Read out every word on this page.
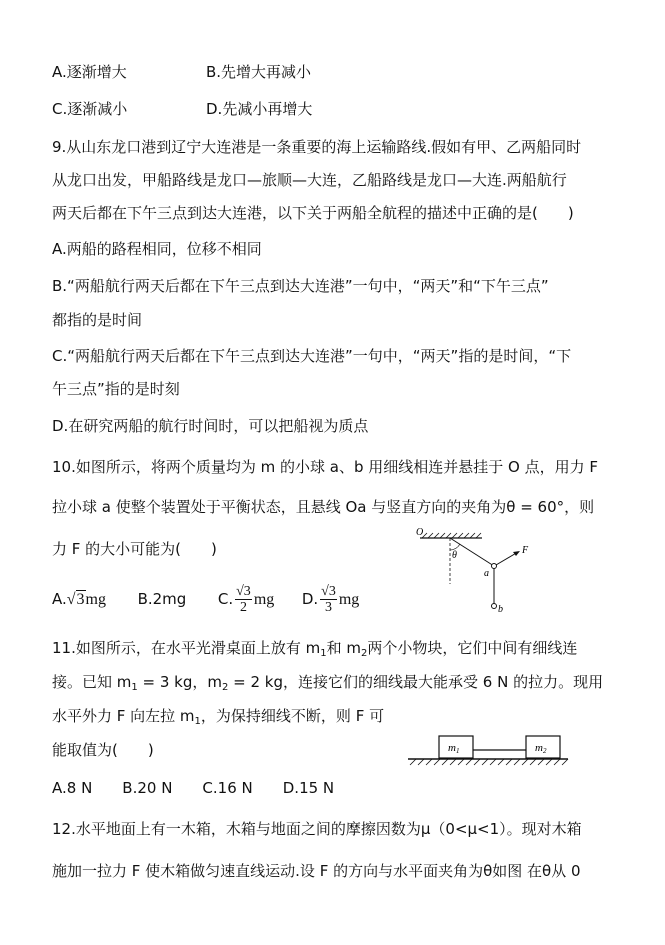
A.逐渐增大	B.先增大再减小
C.逐渐减小	D.先减小再增大
9.从山东龙口港到辽宁大连港是一条重要的海上运输路线.假如有甲、乙两船同时
从龙口出发，甲船路线是龙口—旅顺—大连，乙船路线是龙口—大连.两船航行
两天后都在下午三点到达大连港，以下关于两船全航程的描述中正确的是(　　)
A.两船的路程相同，位移不相同
B.“两船航行两天后都在下午三点到达大连港”一句中，“两天”和“下午三点”
都指的是时间
C.“两船航行两天后都在下午三点到达大连港”一句中，“两天”指的是时间，“下
午三点”指的是时刻
D.在研究两船的航行时间时，可以把船视为质点
10.如图所示，将两个质量均为 m 的小球 a、b 用细线相连并悬挂于 O 点，用力 F
拉小球 a 使整个装置处于平衡状态，且悬线 Oa 与竖直方向的夹角为θ = 60°，则
力 F 的大小可能为(　　)
A.√3mg B.2mg C. $\frac{√3}{2}$ mg D. $\frac{√3}{3}$ mg
O
θ
a
F
b
11.如图所示，在水平光滑桌面上放有 $m_1$和 $m_2$两个小物块，它们中间有细线连
接。已知 $m_1 = 3$ kg，$m_2 = 2$ kg，连接它们的细线最大能承受 6 N 的拉力。现用
水平外力 F 向左拉 $m_1$，为保持细线不断，则 F 可
能取值为(　　)
A.8 N　　B.20 N　　C.16 N　　D.15 N
m1	m2
12.水平地面上有一木箱，木箱与地面之间的摩擦因数为μ（0<μ<1）。现对木箱
施加一拉力 F 使木箱做匀速直线运动.设 F 的方向与水平面夹角为θ如图 在θ从 0
